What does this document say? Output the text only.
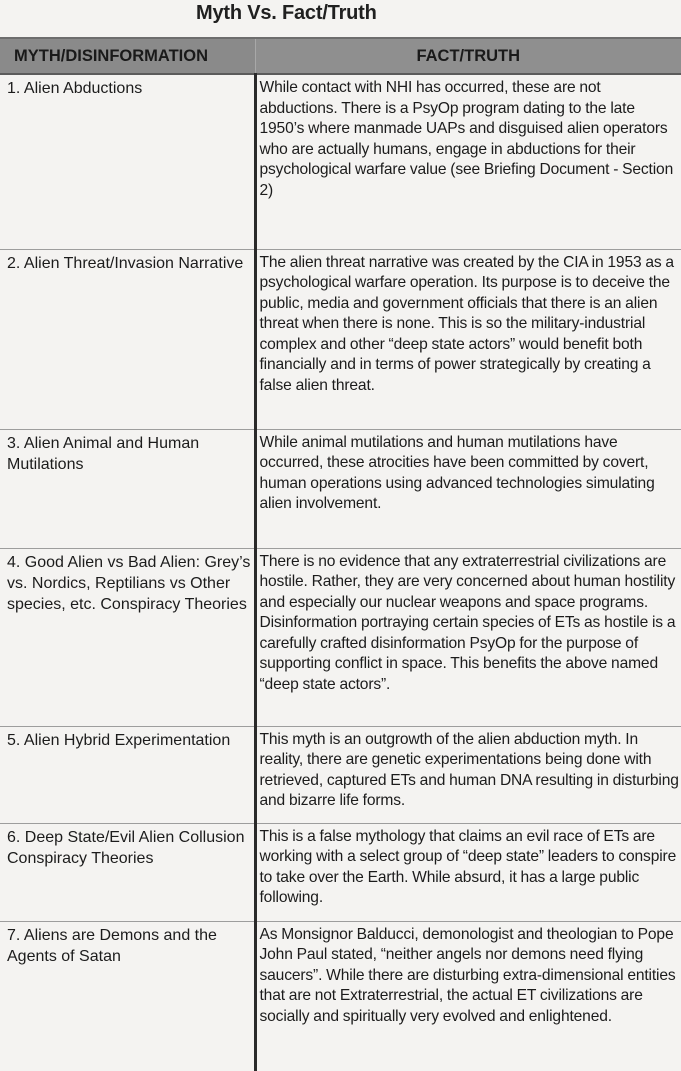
Myth Vs. Fact/Truth
MYTH/DISINFORMATION	FACT/TRUTH
1. Alien Abductions	While contact with NHI has occurred, these are not abductions. There is a PsyOp program dating to the late 1950’s where manmade UAPs and disguised alien operators who are actually humans, engage in abductions for their psychological warfare value (see Briefing Document - Section 2)
2. Alien Threat/Invasion Narrative	The alien threat narrative was created by the CIA in 1953 as a psychological warfare operation. Its purpose is to deceive the public, media and government officials that there is an alien threat when there is none. This is so the military-industrial complex and other “deep state actors” would benefit both financially and in terms of power strategically by creating a false alien threat.
3. Alien Animal and Human Mutilations	While animal mutilations and human mutilations have occurred, these atrocities have been committed by covert, human operations using advanced technologies simulating alien involvement.
4. Good Alien vs Bad Alien: Grey’s vs. Nordics, Reptilians vs Other species, etc. Conspiracy Theories	There is no evidence that any extraterrestrial civilizations are hostile. Rather, they are very concerned about human hostility and especially our nuclear weapons and space programs. Disinformation portraying certain species of ETs as hostile is a carefully crafted disinformation PsyOp for the purpose of supporting conflict in space. This benefits the above named “deep state actors”.
5. Alien Hybrid Experimentation	This myth is an outgrowth of the alien abduction myth. In reality, there are genetic experimentations being done with retrieved, captured ETs and human DNA resulting in disturbing and bizarre life forms.
6. Deep State/Evil Alien Collusion Conspiracy Theories	This is a false mythology that claims an evil race of ETs are working with a select group of “deep state” leaders to conspire to take over the Earth. While absurd, it has a large public following.
7. Aliens are Demons and the Agents of Satan	As Monsignor Balducci, demonologist and theologian to Pope John Paul stated, “neither angels nor demons need flying saucers”. While there are disturbing extra-dimensional entities that are not Extraterrestrial, the actual ET civilizations are socially and spiritually very evolved and enlightened.
